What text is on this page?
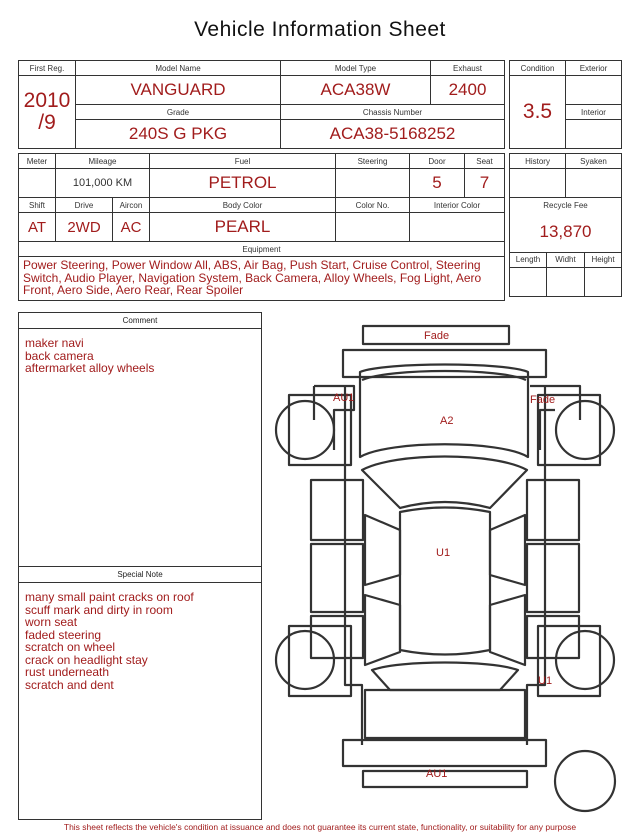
Vehicle Information Sheet
First Reg.	Model Name	Model Type	Exhaust

2010
/9	VANGUARD	ACA38W	2400
	Grade	Chassis Number	
	240S G PKG	ACA38-5168252	
Condition	Exterior
3.5	
	Interior

Meter	Mileage		Fuel	Steering	Door	Seat
	101,000 KM		PETROL		5	7
Shift	Drive	Aircon	Body Color	Color No.	Interior Color	
AT	2WD	AC	PEARL			
Equipment						
Power Steering, Power Window All, ABS, Air Bag, Push Start, Cruise Control, Steering Switch, Audio Player, Navigation System, Back Camera, Alloy Wheels, Fog Light, Aero Front, Aero Side, Aero Rear, Rear Spoiler						
History		Syaken	

Recycle Fee			
13,870			
Length	Widht		Height

Comment
maker navi
back camera
aftermarket alloy wheels
Special Note
many small paint cracks on roof
scuff mark and dirty in room
worn seat
faded steering
scratch on wheel
crack on headlight stay
rust underneath
scratch and dent
Fade
AU1	Fade
A2
U1
U1
AU1
This sheet reflects the vehicle's condition at issuance and does not guarantee its current state, functionality, or suitability for any purpose
